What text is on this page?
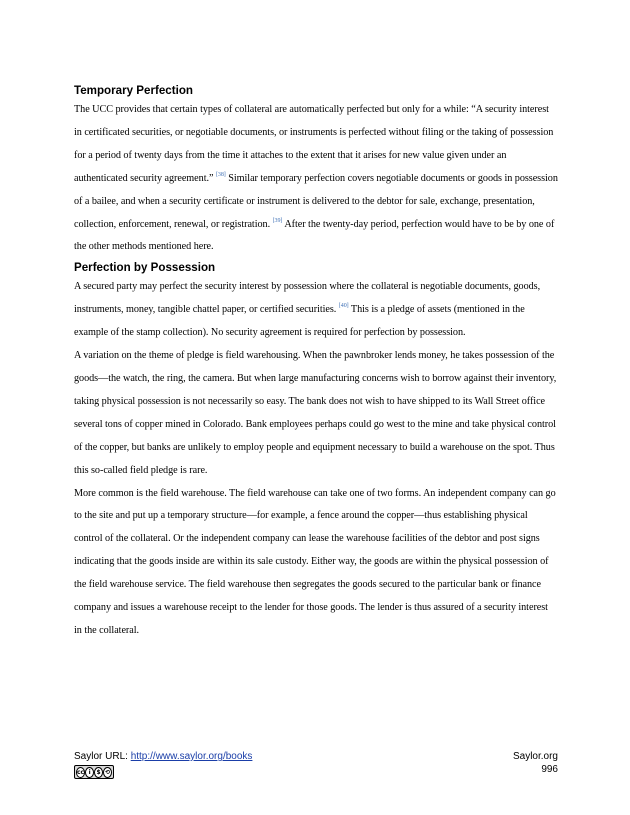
Temporary Perfection

The UCC provides that certain types of collateral are automatically perfected but only for a while: “A security interest in certificated securities, or negotiable documents, or instruments is perfected without filing or the taking of possession for a period of twenty days from the time it attaches to the extent that it arises for new value given under an authenticated security agreement.” [38] Similar temporary perfection covers negotiable documents or goods in possession of a bailee, and when a security certificate or instrument is delivered to the debtor for sale, exchange, presentation, collection, enforcement, renewal, or registration. [39] After the twenty-day period, perfection would have to be by one of the other methods mentioned here.

Perfection by Possession

A secured party may perfect the security interest by possession where the collateral is negotiable documents, goods, instruments, money, tangible chattel paper, or certified securities. [40] This is a pledge of assets (mentioned in the example of the stamp collection). No security agreement is required for perfection by possession.

A variation on the theme of pledge is field warehousing. When the pawnbroker lends money, he takes possession of the goods—the watch, the ring, the camera. But when large manufacturing concerns wish to borrow against their inventory, taking physical possession is not necessarily so easy. The bank does not wish to have shipped to its Wall Street office several tons of copper mined in Colorado. Bank employees perhaps could go west to the mine and take physical control of the copper, but banks are unlikely to employ people and equipment necessary to build a warehouse on the spot. Thus this so-called field pledge is rare.

More common is the field warehouse. The field warehouse can take one of two forms. An independent company can go to the site and put up a temporary structure—for example, a fence around the copper—thus establishing physical control of the collateral. Or the independent company can lease the warehouse facilities of the debtor and post signs indicating that the goods inside are within its sale custody. Either way, the goods are within the physical possession of the field warehouse service. The field warehouse then segregates the goods secured to the particular bank or finance company and issues a warehouse receipt to the lender for those goods. The lender is thus assured of a security interest in the collateral.

Saylor URL: http://www.saylor.org/books
cc i $ ⟲
Saylor.org
996
